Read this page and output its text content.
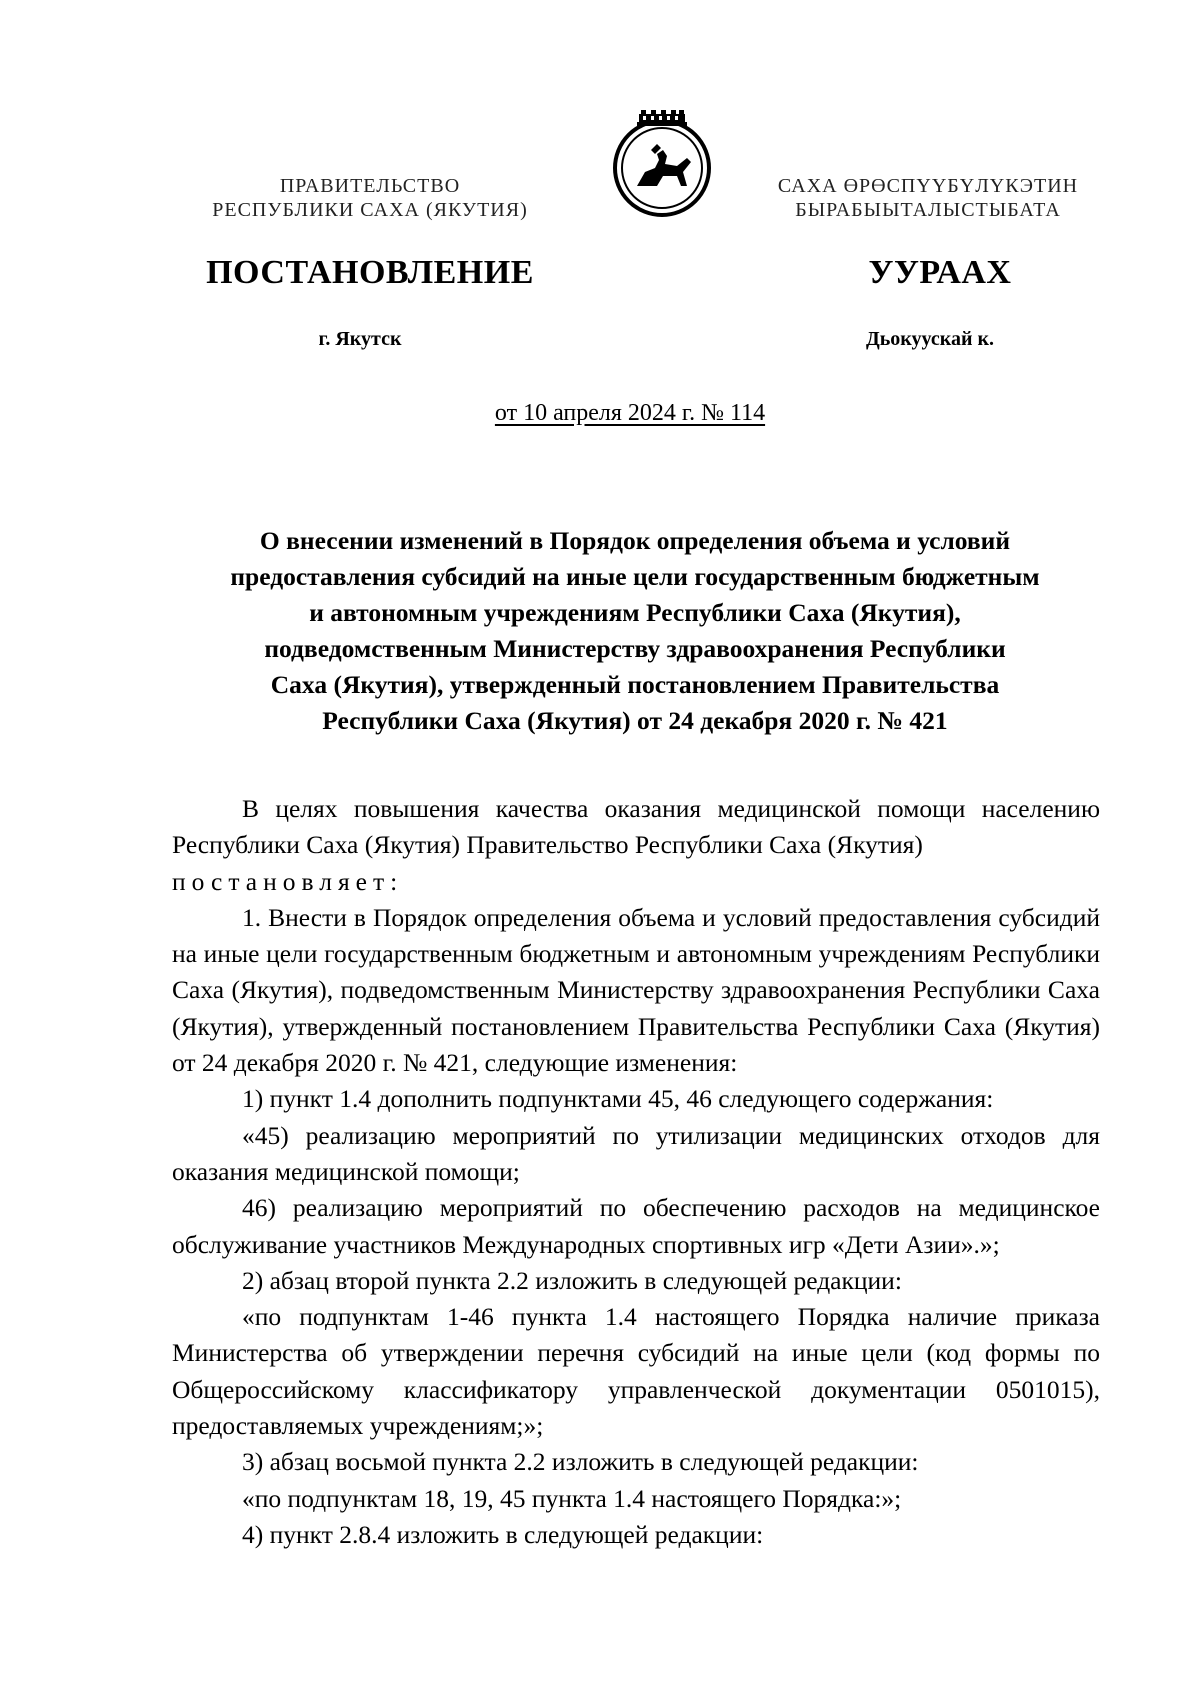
ПРАВИТЕЛЬСТВО
РЕСПУБЛИКИ САХА (ЯКУТИЯ)
САХА ӨРӨСПҮҮБҮЛҮКЭТИН
БЫРАБЫЫТАЛЫСТЫБАТА
ПОСТАНОВЛЕНИЕ	УУРААХ
г. Якутск	Дьокуускай к.
от 10 апреля 2024 г. № 114
О внесении изменений в Порядок определения объема и условий
предоставления субсидий на иные цели государственным бюджетным
и автономным учреждениям Республики Саха (Якутия),
подведомственным Министерству здравоохранения Республики
Саха (Якутия), утвержденный постановлением Правительства
Республики Саха (Якутия) от 24 декабря 2020 г. № 421

В целях повышения качества оказания медицинской помощи населению Республики Саха (Якутия) Правительство Республики Саха (Якутия)

постановляет:

1. Внести в Порядок определения объема и условий предоставления субсидий на иные цели государственным бюджетным и автономным учреждениям Республики Саха (Якутия), подведомственным Министерству здравоохранения Республики Саха (Якутия), утвержденный постановлением Правительства Республики Саха (Якутия) от 24 декабря 2020 г. № 421, следующие изменения:

1) пункт 1.4 дополнить подпунктами 45, 46 следующего содержания:

«45) реализацию мероприятий по утилизации медицинских отходов для оказания медицинской помощи;

46) реализацию мероприятий по обеспечению расходов на медицинское обслуживание участников Международных спортивных игр «Дети Азии».»;

2) абзац второй пункта 2.2 изложить в следующей редакции:

«по подпунктам 1-46 пункта 1.4 настоящего Порядка наличие приказа Министерства об утверждении перечня субсидий на иные цели (код формы по Общероссийскому классификатору управленческой документации 0501015), предоставляемых учреждениям;»;

3) абзац восьмой пункта 2.2 изложить в следующей редакции:

«по подпунктам 18, 19, 45 пункта 1.4 настоящего Порядка:»;

4) пункт 2.8.4 изложить в следующей редакции:
